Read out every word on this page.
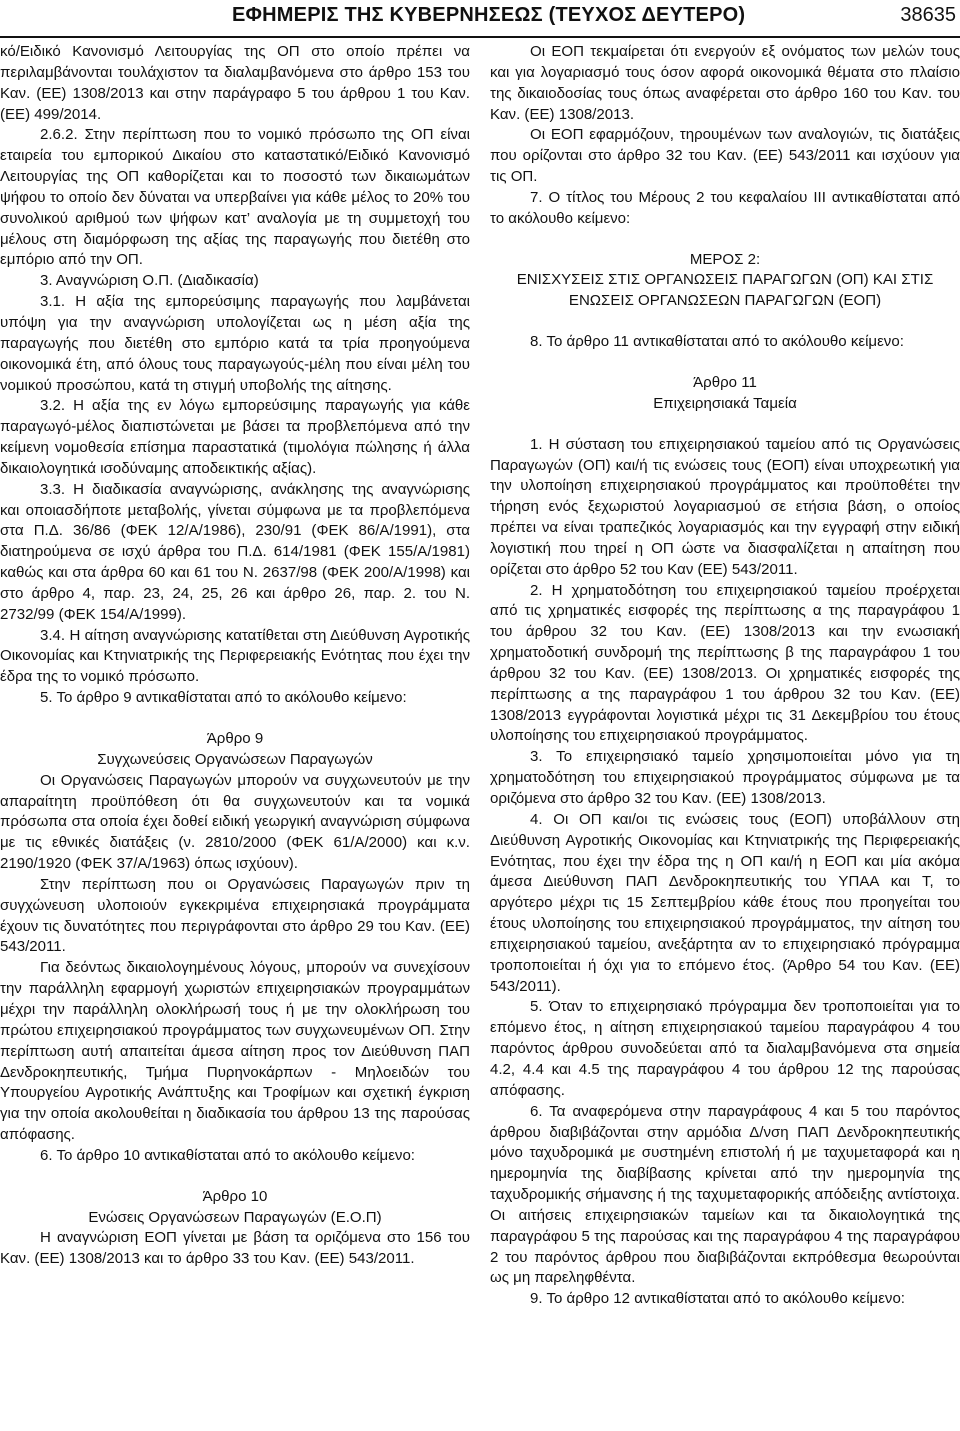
ΕΦΗΜΕΡΙΣ ΤΗΣ ΚΥΒΕΡΝΗΣΕΩΣ (ΤΕΥΧΟΣ ΔΕΥΤΕΡΟ)	38635

κό/Ειδικό Κανονισμό Λειτουργίας της ΟΠ στο οποίο πρέπει να περιλαμβάνονται τουλάχιστον τα διαλαμβανόμενα στο άρθρο 153 του Καν. (ΕΕ) 1308/2013 και στην παράγραφο 5 του άρθρου 1 του Καν.(ΕΕ) 499/2014.

2.6.2. Στην περίπτωση που το νομικό πρόσωπο της ΟΠ είναι εταιρεία του εμπορικού Δικαίου στο καταστατικό/Ειδικό Κανονισμό Λειτουργίας της ΟΠ καθορίζεται και το ποσοστό των δικαιωμάτων ψήφου το οποίο δεν δύναται να υπερβαίνει για κάθε μέλος το 20% του συνολικού αριθμού των ψήφων κατ’ αναλογία με τη συμμετοχή του μέλους στη διαμόρφωση της αξίας της παραγωγής που διετέθη στο εμπόριο από την ΟΠ.

3. Αναγνώριση Ο.Π. (Διαδικασία)

3.1. Η αξία της εμπορεύσιμης παραγωγής που λαμβάνεται υπόψη για την αναγνώριση υπολογίζεται ως η μέση αξία της παραγωγής που διετέθη στο εμπόριο κατά τα τρία προηγούμενα οικονομικά έτη, από όλους τους παραγωγούς-μέλη που είναι μέλη του νομικού προσώπου, κατά τη στιγμή υποβολής της αίτησης.

3.2. Η αξία της εν λόγω εμπορεύσιμης παραγωγής για κάθε παραγωγό-μέλος διαπιστώνεται με βάσει τα προβλεπόμενα από την κείμενη νομοθεσία επίσημα παραστατικά (τιμολόγια πώλησης ή άλλα δικαιολογητικά ισοδύναμης αποδεικτικής αξίας).

3.3. Η διαδικασία αναγνώρισης, ανάκλησης της αναγνώρισης και οποιασδήποτε μεταβολής, γίνεται σύμφωνα με τα προβλεπόμενα στα Π.Δ. 36/86 (ΦΕΚ 12/Α/1986), 230/91 (ΦΕΚ 86/Α/1991), στα διατηρούμενα σε ισχύ άρθρα του Π.Δ. 614/1981 (ΦΕΚ 155/Α/1981) καθώς και στα άρθρα 60 και 61 του Ν. 2637/98 (ΦΕΚ 200/Α/1998) και στο άρθρο 4, παρ. 23, 24, 25, 26 και άρθρο 26, παρ. 2. του Ν. 2732/99 (ΦΕΚ 154/Α/1999).

3.4. Η αίτηση αναγνώρισης κατατίθεται στη Διεύθυνση Αγροτικής Οικονομίας και Κτηνιατρικής της Περιφερειακής Ενότητας που έχει την έδρα της το νομικό πρόσωπο.

5. Το άρθρο 9 αντικαθίσταται από το ακόλουθο κείμενο:

Άρθρο 9

Συγχωνεύσεις Οργανώσεων Παραγωγών

Οι Οργανώσεις Παραγωγών μπορούν να συγχωνευτούν με την απαραίτητη προϋπόθεση ότι θα συγχωνευτούν και τα νομικά πρόσωπα στα οποία έχει δοθεί ειδική γεωργική αναγνώριση σύμφωνα με τις εθνικές διατάξεις (ν. 2810/2000 (ΦΕΚ 61/Α/2000) και κ.ν. 2190/1920 (ΦΕΚ 37/Α/1963) όπως ισχύουν).

Στην περίπτωση που οι Οργανώσεις Παραγωγών πριν τη συγχώνευση υλοποιούν εγκεκριμένα επιχειρησιακά προγράμματα έχουν τις δυνατότητες που περιγράφονται στο άρθρο 29 του Καν. (ΕΕ) 543/2011.

Για δεόντως δικαιολογημένους λόγους, μπορούν να συνεχίσουν την παράλληλη εφαρμογή χωριστών επιχειρησιακών προγραμμάτων μέχρι την παράλληλη ολοκλήρωσή τους ή με την ολοκλήρωση του πρώτου επιχειρησιακού προγράμματος των συγχωνευμένων ΟΠ. Στην περίπτωση αυτή απαιτείται άμεσα αίτηση προς τον Διεύθυνση ΠΑΠ Δενδροκηπευτικής, Τμήμα Πυρηνοκάρπων - Μηλοειδών του Υπουργείου Αγροτικής Ανάπτυξης και Τροφίμων και σχετική έγκριση για την οποία ακολουθείται η διαδικασία του άρθρου 13 της παρούσας απόφασης.

6. Το άρθρο 10 αντικαθίσταται από το ακόλουθο κείμενο:

Άρθρο 10

Ενώσεις Οργανώσεων Παραγωγών (Ε.Ο.Π)

Η αναγνώριση ΕΟΠ γίνεται με βάση τα οριζόμενα στο 156 του Καν. (ΕΕ) 1308/2013 και το άρθρο 33 του Καν. (ΕΕ) 543/2011.

Οι ΕΟΠ τεκμαίρεται ότι ενεργούν εξ ονόματος των μελών τους και για λογαριασμό τους όσον αφορά οικονομικά θέματα στο πλαίσιο της δικαιοδοσίας τους όπως αναφέρεται στο άρθρο 160 του Καν. του Καν. (ΕΕ) 1308/2013.

Οι ΕΟΠ εφαρμόζουν, τηρουμένων των αναλογιών, τις διατάξεις που ορίζονται στο άρθρο 32 του Καν. (ΕΕ) 543/2011 και ισχύουν για τις ΟΠ.

7. Ο τίτλος του Μέρους 2 του κεφαλαίου ΙΙΙ αντικαθίσταται από το ακόλουθο κείμενο:

ΜΕΡΟΣ 2:

ΕΝΙΣΧΥΣΕΙΣ ΣΤΙΣ ΟΡΓΑΝΩΣΕΙΣ ΠΑΡΑΓΩΓΩΝ (ΟΠ) ΚΑΙ ΣΤΙΣ ΕΝΩΣΕΙΣ ΟΡΓΑΝΩΣΕΩΝ ΠΑΡΑΓΩΓΩΝ (ΕΟΠ)

8. Το άρθρο 11 αντικαθίσταται από το ακόλουθο κείμενο:

Άρθρο 11

Επιχειρησιακά Ταμεία

1. Η σύσταση του επιχειρησιακού ταμείου από τις Οργανώσεις Παραγωγών (ΟΠ) και/ή τις ενώσεις τους (ΕΟΠ) είναι υποχρεωτική για την υλοποίηση επιχειρησιακού προγράμματος και προϋποθέτει την τήρηση ενός ξεχωριστού λογαριασμού σε ετήσια βάση, ο οποίος πρέπει να είναι τραπεζικός λογαριασμός και την εγγραφή στην ειδική λογιστική που τηρεί η ΟΠ ώστε να διασφαλίζεται η απαίτηση που ορίζεται στο άρθρο 52 του Καν (ΕΕ) 543/2011.

2. Η χρηματοδότηση του επιχειρησιακού ταμείου προέρχεται από τις χρηματικές εισφορές της περίπτωσης α της παραγράφου 1 του άρθρου 32 του Καν. (ΕΕ) 1308/2013 και την ενωσιακή χρηματοδοτική συνδρομή της περίπτωσης β της παραγράφου 1 του άρθρου 32 του Καν. (ΕΕ) 1308/2013. Οι χρηματικές εισφορές της περίπτωσης α της παραγράφου 1 του άρθρου 32 του Καν. (ΕΕ) 1308/2013 εγγράφονται λογιστικά μέχρι τις 31 Δεκεμβρίου του έτους υλοποίησης του επιχειρησιακού προγράμματος.

3. Το επιχειρησιακό ταμείο χρησιμοποιείται μόνο για τη χρηματοδότηση του επιχειρησιακού προγράμματος σύμφωνα με τα οριζόμενα στο άρθρο 32 του Καν. (ΕΕ) 1308/2013.

4. Οι ΟΠ και/οι τις ενώσεις τους (ΕΟΠ) υποβάλλουν στη Διεύθυνση Αγροτικής Οικονομίας και Κτηνιατρικής της Περιφερειακής Ενότητας, που έχει την έδρα της η ΟΠ και/ή η ΕΟΠ και μία ακόμα άμεσα Διεύθυνση ΠΑΠ Δενδροκηπευτικής του ΥΠΑΑ και Τ, το αργότερο μέχρι τις 15 Σεπτεμβρίου κάθε έτους που προηγείται του έτους υλοποίησης του επιχειρησιακού προγράμματος, την αίτηση του επιχειρησιακού ταμείου, ανεξάρτητα αν το επιχειρησιακό πρόγραμμα τροποποιείται ή όχι για το επόμενο έτος. (Άρθρο 54 του Καν. (ΕΕ) 543/2011).

5. Όταν το επιχειρησιακό πρόγραμμα δεν τροποποιείται για το επόμενο έτος, η αίτηση επιχειρησιακού ταμείου παραγράφου 4 του παρόντος άρθρου συνοδεύεται από τα διαλαμβανόμενα στα σημεία 4.2, 4.4 και 4.5 της παραγράφου 4 του άρθρου 12 της παρούσας απόφασης.

6. Τα αναφερόμενα στην παραγράφους 4 και 5 του παρόντος άρθρου διαβιβάζονται στην αρμόδια Δ/νση ΠΑΠ Δενδροκηπευτικής μόνο ταχυδρομικά με συστημένη επιστολή ή με ταχυμεταφορά και η ημερομηνία της διαβίβασης κρίνεται από την ημερομηνία της ταχυδρομικής σήμανσης ή της ταχυμεταφορικής απόδειξης αντίστοιχα. Οι αιτήσεις επιχειρησιακών ταμείων και τα δικαιολογητικά της παραγράφου 5 της παρούσας και της παραγράφου 4 της παραγράφου 2 του παρόντος άρθρου που διαβιβάζονται εκπρόθεσμα θεωρούνται ως μη παρεληφθέντα.

9. Το άρθρο 12 αντικαθίσταται από το ακόλουθο κείμενο:
